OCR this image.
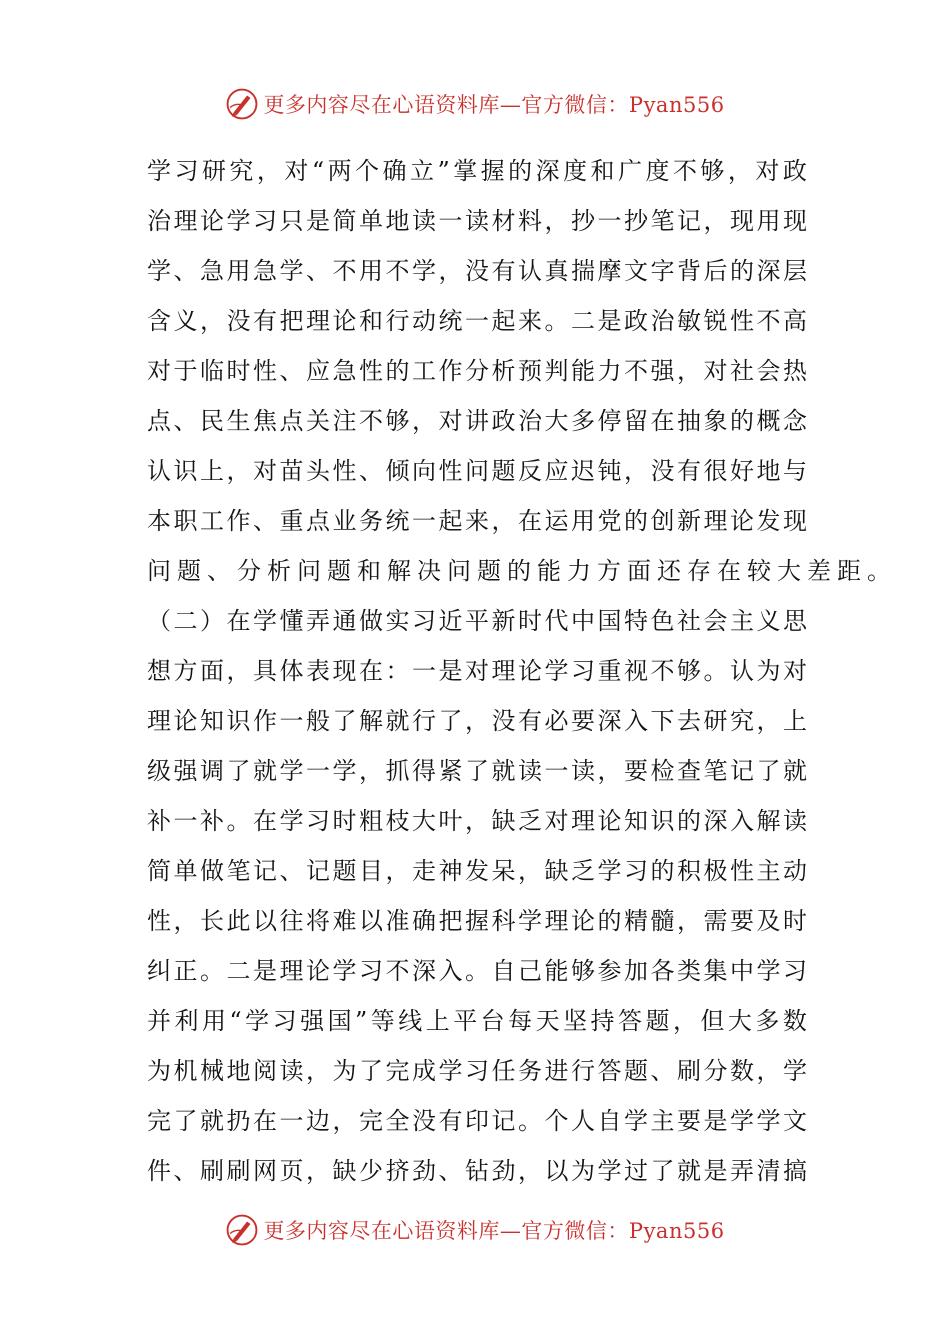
更多内容尽在心语资料库—官方微信：Pyan556
学 习 研 究 ， 对 “ 两 个 确 立 ” 掌 握 的 深 度 和 广 度 不 够 ， 对 政
治 理 论 学 习 只 是 简 单 地 读 一 读 材 料 ， 抄 一 抄 笔 记 ， 现 用 现
学 、 急 用 急 学 、 不 用 不 学 ， 没 有 认 真 揣 摩 文 字 背 后 的 深 层
含 义 ， 没 有 把 理 论 和 行 动 统 一 起 来 。 二 是 政 治 敏 锐 性 不 高
对 于 临 时 性 、 应 急 性 的 工 作 分 析 预 判 能 力 不 强 ， 对 社 会 热
点 、 民 生 焦 点 关 注 不 够 ， 对 讲 政 治 大 多 停 留 在 抽 象 的 概 念
认 识 上 ， 对 苗 头 性 、 倾 向 性 问 题 反 应 迟 钝 ， 没 有 很 好 地 与
本 职 工 作 、 重 点 业 务 统 一 起 来 ， 在 运 用 党 的 创 新 理 论 发 现
问 题 、 分 析 问 题 和 解 决 问 题 的 能 力 方 面 还 存 在 较 大 差 距 。
（ 二 ） 在 学 懂 弄 通 做 实 习 近 平 新 时 代 中 国 特 色 社 会 主 义 思
想 方 面 ， 具 体 表 现 在 ： 一 是 对 理 论 学 习 重 视 不 够 。 认 为 对
理 论 知 识 作 一 般 了 解 就 行 了 ， 没 有 必 要 深 入 下 去 研 究 ， 上
级 强 调 了 就 学 一 学 ， 抓 得 紧 了 就 读 一 读 ， 要 检 查 笔 记 了 就
补 一 补 。 在 学 习 时 粗 枝 大 叶 ， 缺 乏 对 理 论 知 识 的 深 入 解 读
简 单 做 笔 记 、 记 题 目 ， 走 神 发 呆 ， 缺 乏 学 习 的 积 极 性 主 动
性 ， 长 此 以 往 将 难 以 准 确 把 握 科 学 理 论 的 精 髓 ， 需 要 及 时
纠 正 。 二 是 理 论 学 习 不 深 入 。 自 己 能 够 参 加 各 类 集 中 学 习
并 利 用 “ 学 习 强 国 ” 等 线 上 平 台 每 天 坚 持 答 题 ， 但 大 多 数
为 机 械 地 阅 读 ， 为 了 完 成 学 习 任 务 进 行 答 题 、 刷 分 数 ， 学
完 了 就 扔 在 一 边 ， 完 全 没 有 印 记 。 个 人 自 学 主 要 是 学 学 文
件 、 刷 刷 网 页 ， 缺 少 挤 劲 、 钻 劲 ， 以 为 学 过 了 就 是 弄 清 搞
更多内容尽在心语资料库—官方微信：Pyan556
